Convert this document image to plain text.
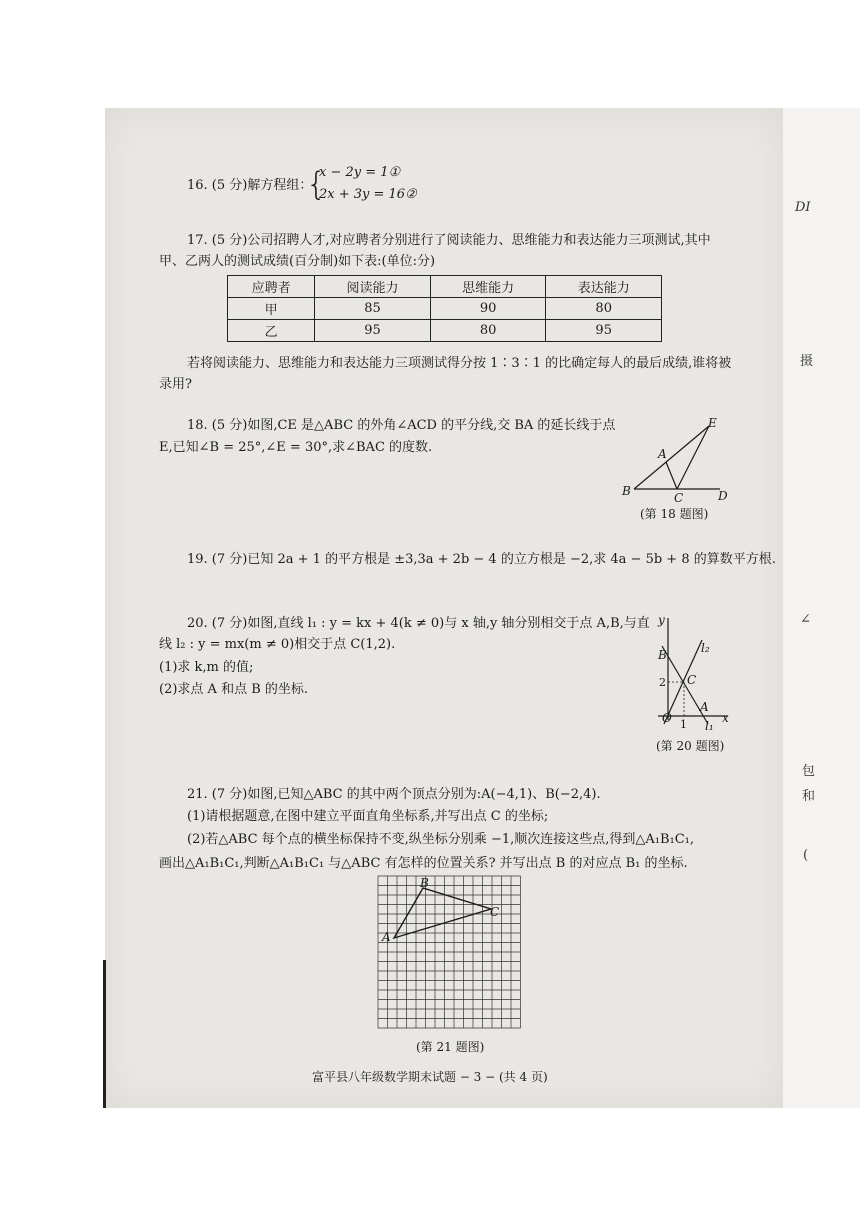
DI
摄
∠
包
和
(
16. (5 分)解方程组：
{
x − 2y = 1①
2x + 3y = 16②
17. (5 分)公司招聘人才,对应聘者分别进行了阅读能力、思维能力和表达能力三项测试,其中
甲、乙两人的测试成绩(百分制)如下表:(单位:分)
应聘者	阅读能力	思维能力	表达能力
甲	85	90	80
乙	95	80	95
若将阅读能力、思维能力和表达能力三项测试得分按 1∶3∶1 的比确定每人的最后成绩,谁将被
录用?
18. (5 分)如图,CE 是△ABC 的外角∠ACD 的平分线,交 BA 的延长线于点
E,已知∠B = 25°,∠E = 30°,求∠BAC 的度数.	A
B	C	D
E
(第 18 题图)
19. (7 分)已知 2a + 1 的平方根是 ±3,3a + 2b − 4 的立方根是 −2,求 4a − 5b + 8 的算数平方根.
20. (7 分)如图,直线 l₁ : y = kx + 4(k ≠ 0)与 x 轴,y 轴分别相交于点 A,B,与直
线 l₂ : y = mx(m ≠ 0)相交于点 C(1,2).
(1)求 k,m 的值;
(2)求点 A 和点 B 的坐标.
y
x
O
A
B
C
l₂
l₁
2
1
(第 20 题图)
21. (7 分)如图,已知△ABC 的其中两个顶点分别为:A(−4,1)、B(−2,4).
(1)请根据题意,在图中建立平面直角坐标系,并写出点 C 的坐标;
(2)若△ABC 每个点的横坐标保持不变,纵坐标分别乘 −1,顺次连接这些点,得到△A₁B₁C₁,
画出△A₁B₁C₁,判断△A₁B₁C₁ 与△ABC 有怎样的位置关系? 并写出点 B 的对应点 B₁ 的坐标.
A
B
C
(第 21 题图)
富平县八年级数学期末试题 − 3 − (共 4 页)
